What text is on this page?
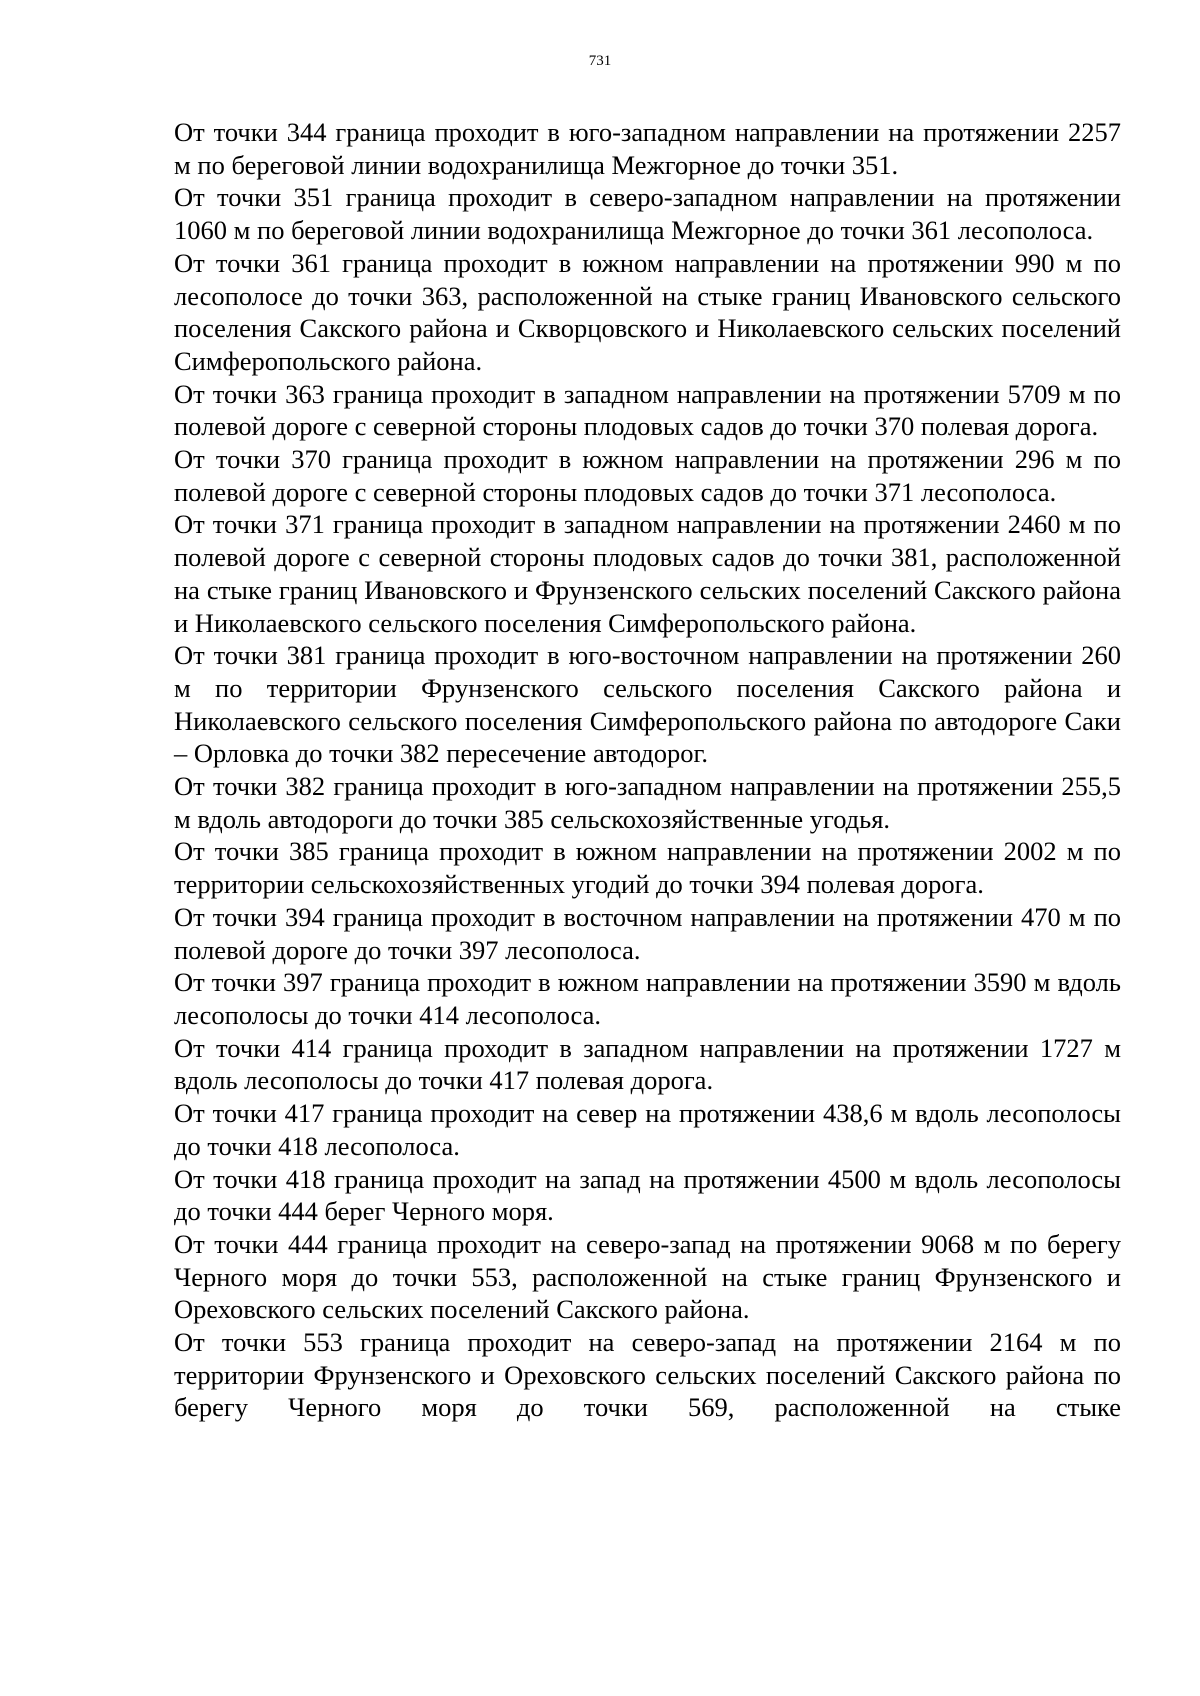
731

От точки 344 граница проходит в юго-западном направлении на протяжении 2257 м по береговой линии водохранилища Межгорное до точки 351.

От точки 351 граница проходит в северо-западном направлении на протяжении 1060 м по береговой линии водохранилища Межгорное до точки 361 лесополоса.

От точки 361 граница проходит в южном направлении на протяжении 990 м по лесополосе до точки 363, расположенной на стыке границ Ивановского сельского поселения Сакского района и Скворцовского и Николаевского сельских поселений Симферопольского района.

От точки 363 граница проходит в западном направлении на протяжении 5709 м по полевой дороге с северной стороны плодовых садов до точки 370 полевая дорога.

От точки 370 граница проходит в южном направлении на протяжении 296 м по полевой дороге с северной стороны плодовых садов до точки 371 лесополоса.

От точки 371 граница проходит в западном направлении на протяжении 2460 м по полевой дороге с северной стороны плодовых садов до точки 381, расположенной на стыке границ Ивановского и Фрунзенского сельских поселений Сакского района и Николаевского сельского поселения Симферопольского района.

От точки 381 граница проходит в юго-восточном направлении на протяжении 260 м по территории Фрунзенского сельского поселения Сакского района и Николаевского сельского поселения Симферопольского района по автодороге Саки – Орловка до точки 382 пересечение автодорог.

От точки 382 граница проходит в юго-западном направлении на протяжении 255,5 м вдоль автодороги до точки 385 сельскохозяйственные угодья.

От точки 385 граница проходит в южном направлении на протяжении 2002 м по территории сельскохозяйственных угодий до точки 394 полевая дорога.

От точки 394 граница проходит в восточном направлении на протяжении 470 м по полевой дороге до точки 397 лесополоса.

От точки 397 граница проходит в южном направлении на протяжении 3590 м вдоль лесополосы до точки 414 лесополоса.

От точки 414 граница проходит в западном направлении на протяжении 1727 м вдоль лесополосы до точки 417 полевая дорога.

От точки 417 граница проходит на север на протяжении 438,6 м вдоль лесополосы до точки 418 лесополоса.

От точки 418 граница проходит на запад на протяжении 4500 м вдоль лесополосы до точки 444 берег Черного моря.

От точки 444 граница проходит на северо-запад на протяжении 9068 м по берегу Черного моря до точки 553, расположенной на стыке границ Фрунзенского и Ореховского сельских поселений Сакского района.

От точки 553 граница проходит на северо-запад на протяжении 2164 м по территории Фрунзенского и Ореховского сельских поселений Сакского района по берегу Черного моря до точки 569, расположенной на стыке
